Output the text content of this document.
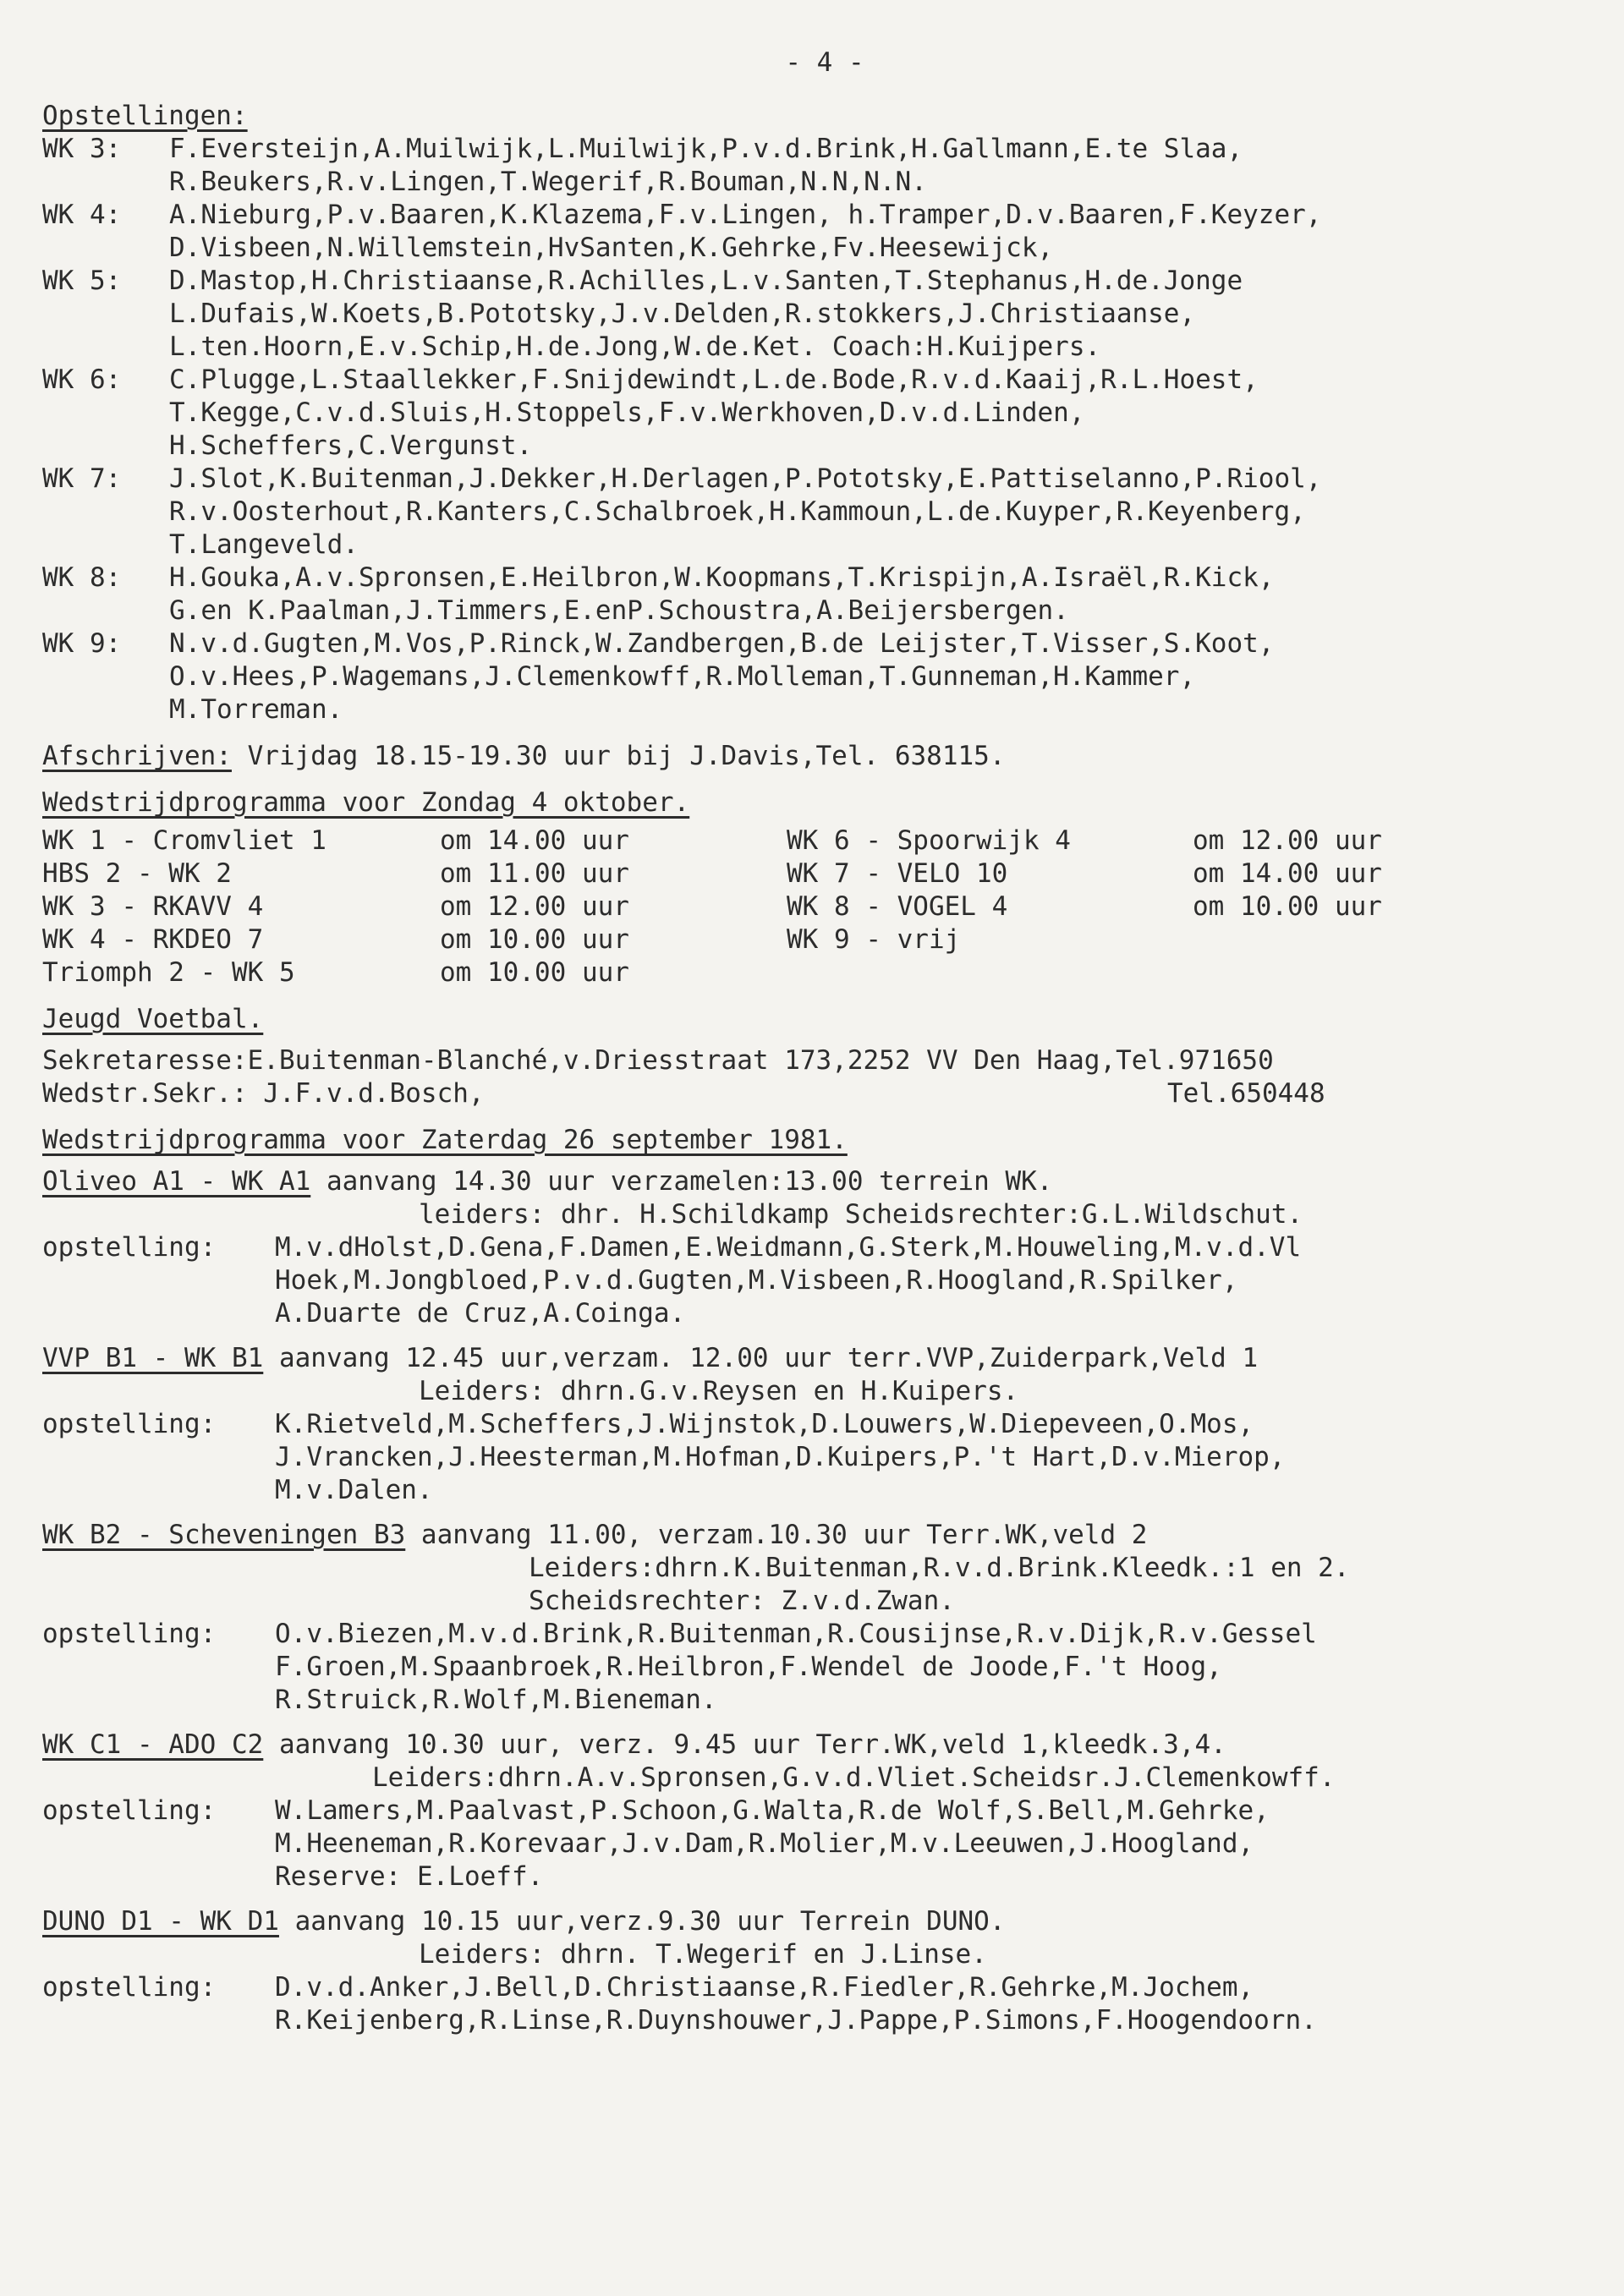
- 4 -
Opstellingen:
WK 3:	F.Eversteijn,A.Muilwijk,L.Muilwijk,P.v.d.Brink,H.Gallmann,E.te Slaa,
R.Beukers,R.v.Lingen,T.Wegerif,R.Bouman,N.N,N.N.
WK 4:	A.Nieburg,P.v.Baaren,K.Klazema,F.v.Lingen, h.Tramper,D.v.Baaren,F.Keyzer,
D.Visbeen,N.Willemstein,HvSanten,K.Gehrke,Fv.Heesewijck,
WK 5:	D.Mastop,H.Christiaanse,R.Achilles,L.v.Santen,T.Stephanus,H.de.Jonge
L.Dufais,W.Koets,B.Pototsky,J.v.Delden,R.stokkers,J.Christiaanse,
L.ten.Hoorn,E.v.Schip,H.de.Jong,W.de.Ket. Coach:H.Kuijpers.
WK 6:	C.Plugge,L.Staallekker,F.Snijdewindt,L.de.Bode,R.v.d.Kaaij,R.L.Hoest,
T.Kegge,C.v.d.Sluis,H.Stoppels,F.v.Werkhoven,D.v.d.Linden,
H.Scheffers,C.Vergunst.
WK 7:	J.Slot,K.Buitenman,J.Dekker,H.Derlagen,P.Pototsky,E.Pattiselanno,P.Riool,
R.v.Oosterhout,R.Kanters,C.Schalbroek,H.Kammoun,L.de.Kuyper,R.Keyenberg,
T.Langeveld.
WK 8:	H.Gouka,A.v.Spronsen,E.Heilbron,W.Koopmans,T.Krispijn,A.Israël,R.Kick,
G.en K.Paalman,J.Timmers,E.enP.Schoustra,A.Beijersbergen.
WK 9:	N.v.d.Gugten,M.Vos,P.Rinck,W.Zandbergen,B.de Leijster,T.Visser,S.Koot,
O.v.Hees,P.Wagemans,J.Clemenkowff,R.Molleman,T.Gunneman,H.Kammer,
M.Torreman.
Afschrijven: Vrijdag 18.15-19.30 uur bij J.Davis,Tel. 638115.
Wedstrijdprogramma voor Zondag 4 oktober.
WK 1 - Cromvliet 1	om 14.00 uur
HBS 2 - WK 2	om 11.00 uur
WK 3 - RKAVV 4	om 12.00 uur
WK 4 - RKDEO 7	om 10.00 uur
Triomph 2 - WK 5	om 10.00 uur
WK 6 - Spoorwijk 4	om 12.00 uur
WK 7 - VELO 10	om 14.00 uur
WK 8 - VOGEL 4	om 10.00 uur
WK 9 - vrij
Jeugd Voetbal.
Sekretaresse:E.Buitenman-Blanché,v.Driesstraat 173,2252 VV Den Haag,Tel.971650
Wedstr.Sekr.: J.F.v.d.Bosch,	Tel.650448
Wedstrijdprogramma voor Zaterdag 26 september 1981.
Oliveo A1 - WK A1 aanvang 14.30 uur verzamelen:13.00 terrein WK.
leiders: dhr. H.Schildkamp Scheidsrechter:G.L.Wildschut.
opstelling:	M.v.dHolst,D.Gena,F.Damen,E.Weidmann,G.Sterk,M.Houweling,M.v.d.Vl
Hoek,M.Jongbloed,P.v.d.Gugten,M.Visbeen,R.Hoogland,R.Spilker,
A.Duarte de Cruz,A.Coinga.
VVP B1 - WK B1 aanvang 12.45 uur,verzam. 12.00 uur terr.VVP,Zuiderpark,Veld 1
Leiders: dhrn.G.v.Reysen en H.Kuipers.
opstelling:	K.Rietveld,M.Scheffers,J.Wijnstok,D.Louwers,W.Diepeveen,O.Mos,
J.Vrancken,J.Heesterman,M.Hofman,D.Kuipers,P.'t Hart,D.v.Mierop,
M.v.Dalen.
WK B2 - Scheveningen B3 aanvang 11.00, verzam.10.30 uur Terr.WK,veld 2
Leiders:dhrn.K.Buitenman,R.v.d.Brink.Kleedk.:1 en 2.
Scheidsrechter: Z.v.d.Zwan.
opstelling:	O.v.Biezen,M.v.d.Brink,R.Buitenman,R.Cousijnse,R.v.Dijk,R.v.Gessel
F.Groen,M.Spaanbroek,R.Heilbron,F.Wendel de Joode,F.'t Hoog,
R.Struick,R.Wolf,M.Bieneman.
WK C1 - ADO C2 aanvang 10.30 uur, verz. 9.45 uur Terr.WK,veld 1,kleedk.3,4.
Leiders:dhrn.A.v.Spronsen,G.v.d.Vliet.Scheidsr.J.Clemenkowff.
opstelling:	W.Lamers,M.Paalvast,P.Schoon,G.Walta,R.de Wolf,S.Bell,M.Gehrke,
M.Heeneman,R.Korevaar,J.v.Dam,R.Molier,M.v.Leeuwen,J.Hoogland,
Reserve: E.Loeff.
DUNO D1 - WK D1 aanvang 10.15 uur,verz.9.30 uur Terrein DUNO.
Leiders: dhrn. T.Wegerif en J.Linse.
opstelling:	D.v.d.Anker,J.Bell,D.Christiaanse,R.Fiedler,R.Gehrke,M.Jochem,
R.Keijenberg,R.Linse,R.Duynshouwer,J.Pappe,P.Simons,F.Hoogendoorn.
